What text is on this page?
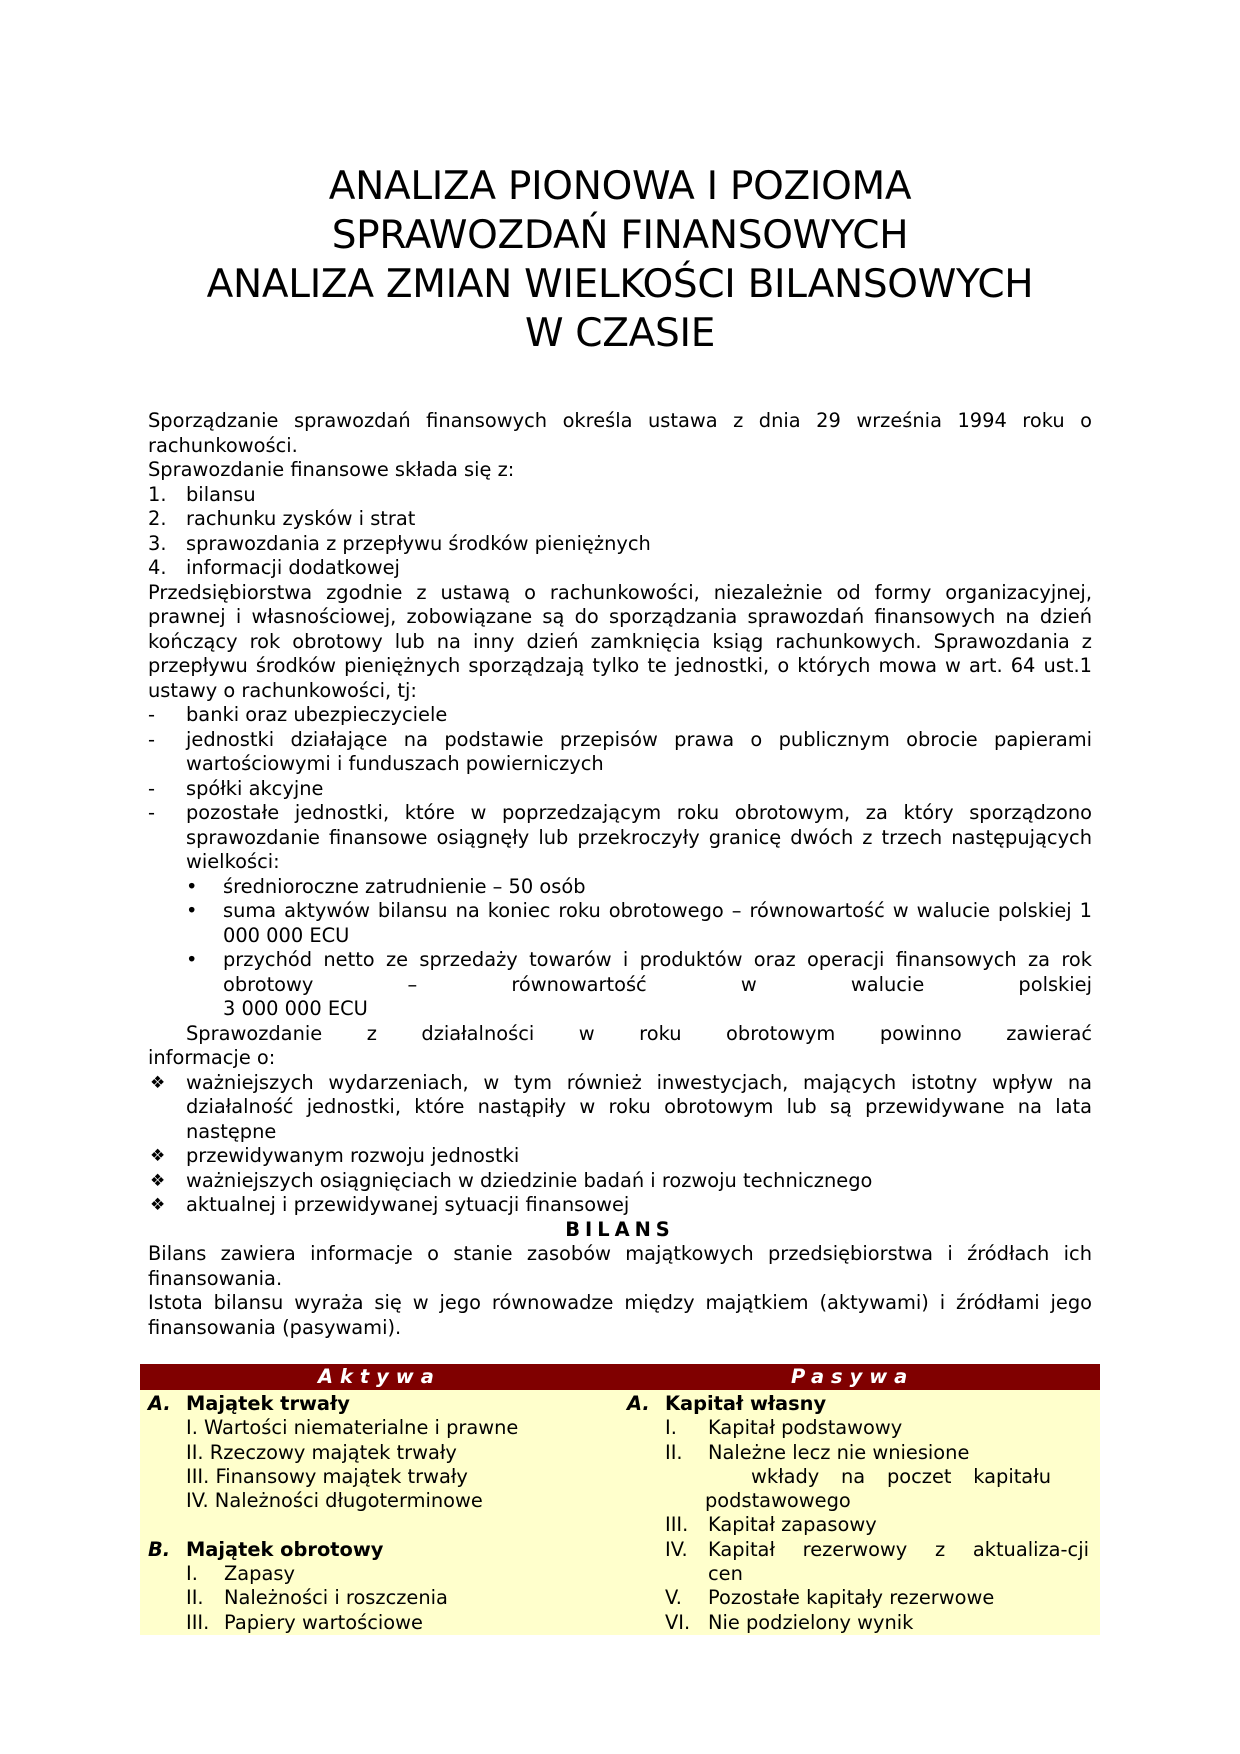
ANALIZA PIONOWA I POZIOMA
SPRAWOZDAŃ FINANSOWYCH
ANALIZA ZMIAN WIELKOŚCI BILANSOWYCH
W CZASIE
Sporządzanie sprawozdań finansowych określa ustawa z dnia 29 września 1994 roku o rachunkowości.
Sprawozdanie finansowe składa się z:
1. bilansu
2. rachunku zysków i strat
3. sprawozdania z przepływu środków pieniężnych
4. informacji dodatkowej
Przedsiębiorstwa zgodnie z ustawą o rachunkowości, niezależnie od formy organizacyjnej, prawnej i własnościowej, zobowiązane są do sporządzania sprawozdań finansowych na dzień kończący rok obrotowy lub na inny dzień zamknięcia ksiąg rachunkowych. Sprawozdania z przepływu środków pieniężnych sporządzają tylko te jednostki, o których mowa w art. 64 ust.1 ustawy o rachunkowości, tj:
- banki oraz ubezpieczyciele
- jednostki działające na podstawie przepisów prawa o publicznym obrocie papierami wartościowymi i funduszach powierniczych
- spółki akcyjne
- pozostałe jednostki, które w poprzedzającym roku obrotowym, za który sporządzono sprawozdanie finansowe osiągnęły lub przekroczyły granicę dwóch z trzech następujących wielkości:
• średnioroczne zatrudnienie – 50 osób
• suma aktywów bilansu na koniec roku obrotowego – równowartość w walucie polskiej 1 000 000 ECU
• przychód netto ze sprzedaży towarów i produktów oraz operacji finansowych za rok obrotowy – równowartość w walucie polskiej
3 000 000 ECU
Sprawozdanie z działalności w roku obrotowym powinno zawierać
informacje o:
❖ ważniejszych wydarzeniach, w tym również inwestycjach, mających istotny wpływ na działalność jednostki, które nastąpiły w roku obrotowym lub są przewidywane na lata następne
❖ przewidywanym rozwoju jednostki
❖ ważniejszych osiągnięciach w dziedzinie badań i rozwoju technicznego
❖ aktualnej i przewidywanej sytuacji finansowej
BILANS
Bilans zawiera informacje o stanie zasobów majątkowych przedsiębiorstwa i źródłach ich finansowania.
Istota bilansu wyraża się w jego równowadze między majątkiem (aktywami) i źródłami jego finansowania (pasywami).
Aktywa	Pasywa
A. Majątek trwały
I. Wartości niematerialne i prawne
II. Rzeczowy majątek trwały
III. Finansowy majątek trwały
IV. Należności długoterminowe
B. Majątek obrotowy
I. Zapasy
II. Należności i roszczenia
III. Papiery wartościowe
A. Kapitał własny
I. Kapitał podstawowy
II. Należne lecz nie wniesione
wkłady na poczet kapitału
podstawowego
III. Kapitał zapasowy
IV. Kapitał rezerwowy z aktualiza-cji
cen
V. Pozostałe kapitały rezerwowe
VI. Nie podzielony wynik
